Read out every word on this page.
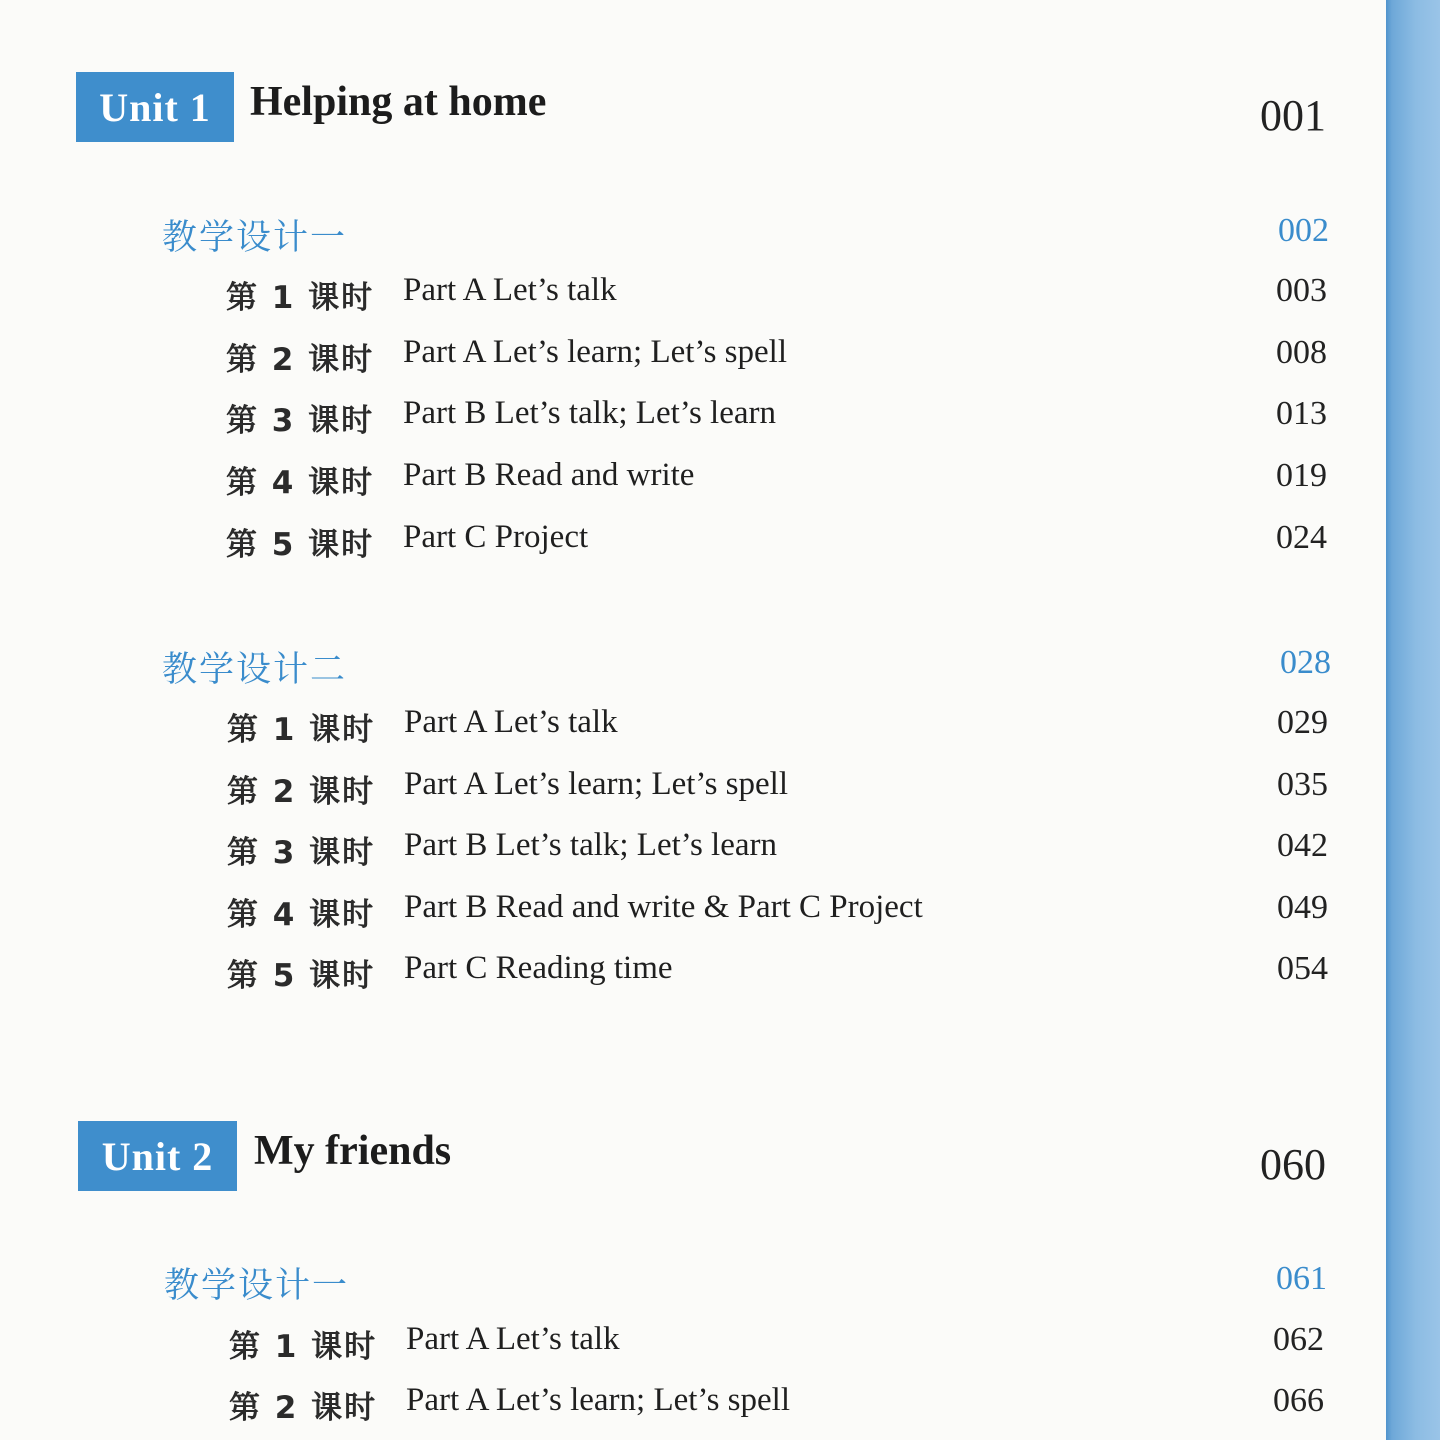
Unit 1 Helping at home	001
教学设计一	002
第 1 课时 Part A Let’s talk	003
第 2 课时 Part A Let’s learn; Let’s spell	008
第 3 课时 Part B Let’s talk; Let’s learn	013
第 4 课时 Part B Read and write	019
第 5 课时 Part C Project	024
教学设计二	028
第 1 课时 Part A Let’s talk	029
第 2 课时 Part A Let’s learn; Let’s spell	035
第 3 课时 Part B Let’s talk; Let’s learn	042
第 4 课时 Part B Read and write & Part C Project	049
第 5 课时 Part C Reading time	054
Unit 2 My friends	060
教学设计一	061
第 1 课时 Part A Let’s talk	062
第 2 课时 Part A Let’s learn; Let’s spell	066
